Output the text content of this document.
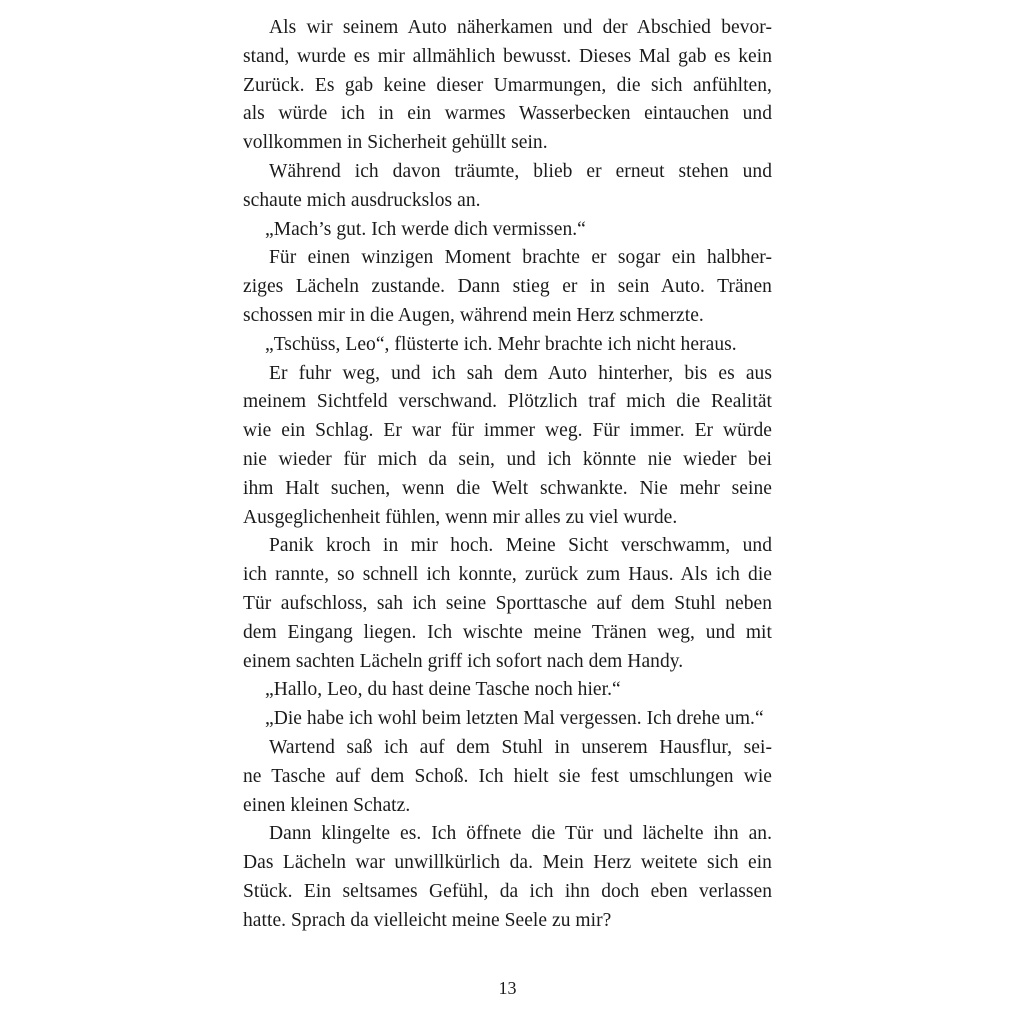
Als wir seinem Auto näherkamen und der Abschied bevor-
stand, wurde es mir allmählich bewusst. Dieses Mal gab es kein
Zurück. Es gab keine dieser Umarmungen, die sich anfühlten,
als würde ich in ein warmes Wasserbecken eintauchen und
vollkommen in Sicherheit gehüllt sein.
Während ich davon träumte, blieb er erneut stehen und
schaute mich ausdruckslos an.
„Mach’s gut. Ich werde dich vermissen.“
Für einen winzigen Moment brachte er sogar ein halbher-
ziges Lächeln zustande. Dann stieg er in sein Auto. Tränen
schossen mir in die Augen, während mein Herz schmerzte.
„Tschüss, Leo“, flüsterte ich. Mehr brachte ich nicht heraus.
Er fuhr weg, und ich sah dem Auto hinterher, bis es aus
meinem Sichtfeld verschwand. Plötzlich traf mich die Realität
wie ein Schlag. Er war für immer weg. Für immer. Er würde
nie wieder für mich da sein, und ich könnte nie wieder bei
ihm Halt suchen, wenn die Welt schwankte. Nie mehr seine
Ausgeglichenheit fühlen, wenn mir alles zu viel wurde.
Panik kroch in mir hoch. Meine Sicht verschwamm, und
ich rannte, so schnell ich konnte, zurück zum Haus. Als ich die
Tür aufschloss, sah ich seine Sporttasche auf dem Stuhl neben
dem Eingang liegen. Ich wischte meine Tränen weg, und mit
einem sachten Lächeln griff ich sofort nach dem Handy.
„Hallo, Leo, du hast deine Tasche noch hier.“
„Die habe ich wohl beim letzten Mal vergessen. Ich drehe um.“
Wartend saß ich auf dem Stuhl in unserem Hausflur, sei-
ne Tasche auf dem Schoß. Ich hielt sie fest umschlungen wie
einen kleinen Schatz.
Dann klingelte es. Ich öffnete die Tür und lächelte ihn an.
Das Lächeln war unwillkürlich da. Mein Herz weitete sich ein
Stück. Ein seltsames Gefühl, da ich ihn doch eben verlassen
hatte. Sprach da vielleicht meine Seele zu mir?
13
